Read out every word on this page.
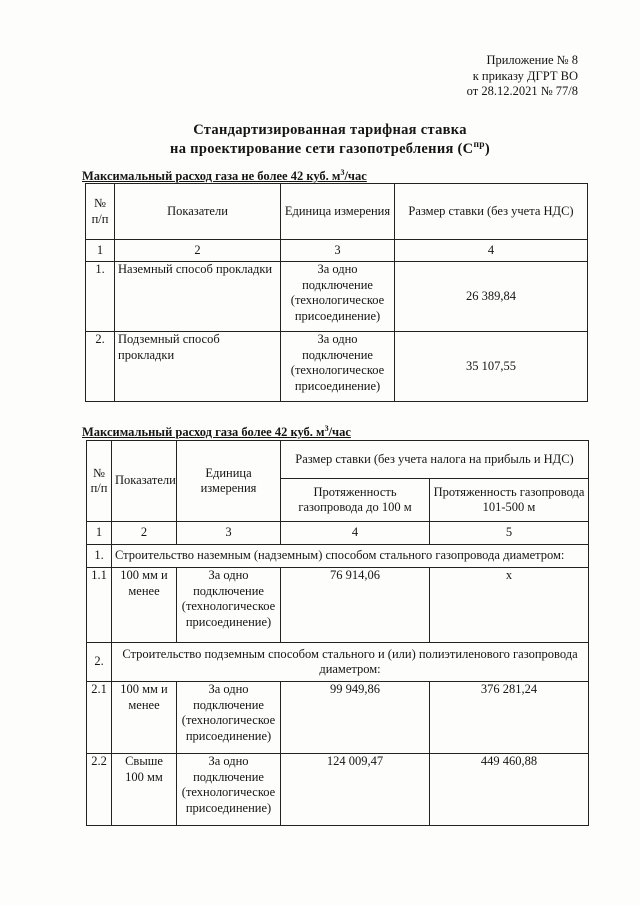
Приложение № 8
к приказу ДГРТ ВО
от 28.12.2021 № 77/8
Стандартизированная тарифная ставка
на проектирование сети газопотребления $(C^{пр})$
Максимальный расход газа не более 42 куб. $м^3$/час
№ п/п	Показатели	Единица измерения	Размер ставки (без учета НДС)
1	2	3	4
1.	Наземный способ прокладки	За одно подключение (технологическое присоединение)	26 389,84
2.	Подземный способ прокладки	За одно подключение (технологическое присоединение)	35 107,55
Максимальный расход газа более 42 куб. $м^3$/час
№ п/п	Показатели	Единица измерения	Размер ставки (без учета налога на прибыль и НДС)	
			Протяженность газопровода до 100 м	Протяженность газопровода 101-500 м
1	2	3	4	5
1.	Строительство наземным (надземным) способом стального газопровода диаметром:			
1.1	100 мм и менее	За одно подключение (технологическое присоединение)	76 914,06	х
2.	Строительство подземным способом стального и (или) полиэтиленового газопровода диаметром:			
2.1	100 мм и менее	За одно подключение (технологическое присоединение)	99 949,86	376 281,24
2.2	Свыше 100 мм	За одно подключение (технологическое присоединение)	124 009,47	449 460,88
